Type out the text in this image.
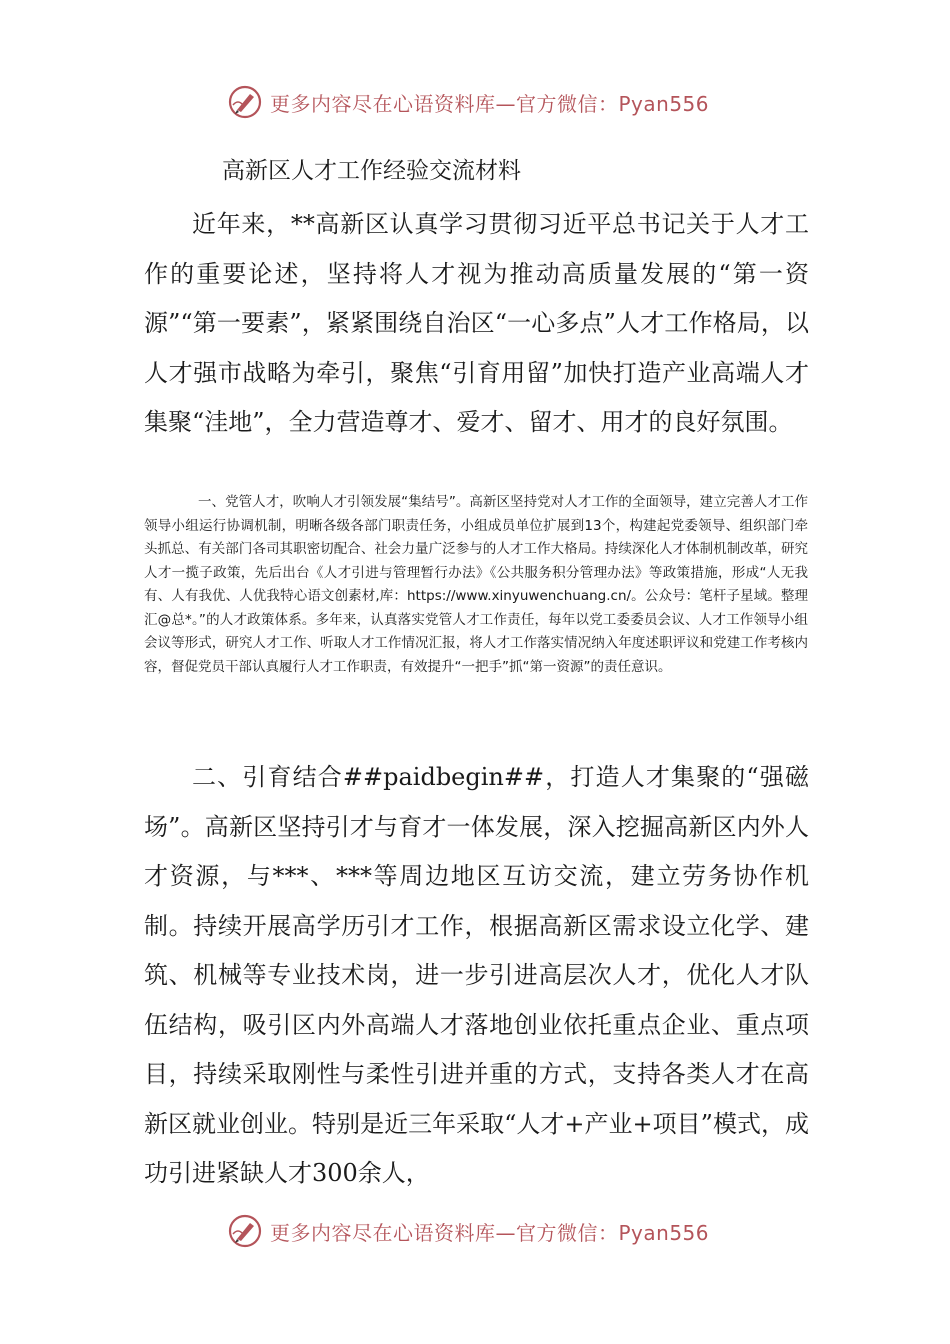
更多内容尽在心语资料库—官方微信：Pyan556
高新区人才工作经验交流材料

近年来，**高新区认真学习贯彻习近平总书记关于人才工作的重要论述，坚持将人才视为推动高质量发展的“第一资源”“第一要素”，紧紧围绕自治区“一心多点”人才工作格局，以人才强市战略为牵引，聚焦“引育用留”加快打造产业高端人才集聚“洼地”，全力营造尊才、爱才、留才、用才的良好氛围。

一、党管人才，吹响人才引领发展“集结号”。高新区坚持党对人才工作的全面领导，建立完善人才工作领导小组运行协调机制，明晰各级各部门职责任务，小组成员单位扩展到13个，构建起党委领导、组织部门牵头抓总、有关部门各司其职密切配合、社会力量广泛参与的人才工作大格局。持续深化人才体制机制改革，研究人才一揽子政策，先后出台《人才引进与管理暂行办法》《公共服务积分管理办法》等政策措施，形成“人无我有、人有我优、人优我特心语文创素材,库：https://www.xinyuwenchuang.cn/。公众号：笔杆子星域。整理汇@总*。”的人才政策体系。多年来，认真落实党管人才工作责任，每年以党工委委员会议、人才工作领导小组会议等形式，研究人才工作、听取人才工作情况汇报，将人才工作落实情况纳入年度述职评议和党建工作考核内容，督促党员干部认真履行人才工作职责，有效提升“一把手”抓“第一资源”的责任意识。

二、引育结合##paidbegin##，打造人才集聚的“强磁场”。高新区坚持引才与育才一体发展，深入挖掘高新区内外人才资源，与***、***等周边地区互访交流，建立劳务协作机制。持续开展高学历引才工作，根据高新区需求设立化学、建筑、机械等专业技术岗，进一步引进高层次人才，优化人才队伍结构，吸引区内外高端人才落地创业依托重点企业、重点项目，持续采取刚性与柔性引进并重的方式，支持各类人才在高新区就业创业。特别是近三年采取“人才+产业+项目”模式，成功引进紧缺人才300余人，

更多内容尽在心语资料库—官方微信：Pyan556
